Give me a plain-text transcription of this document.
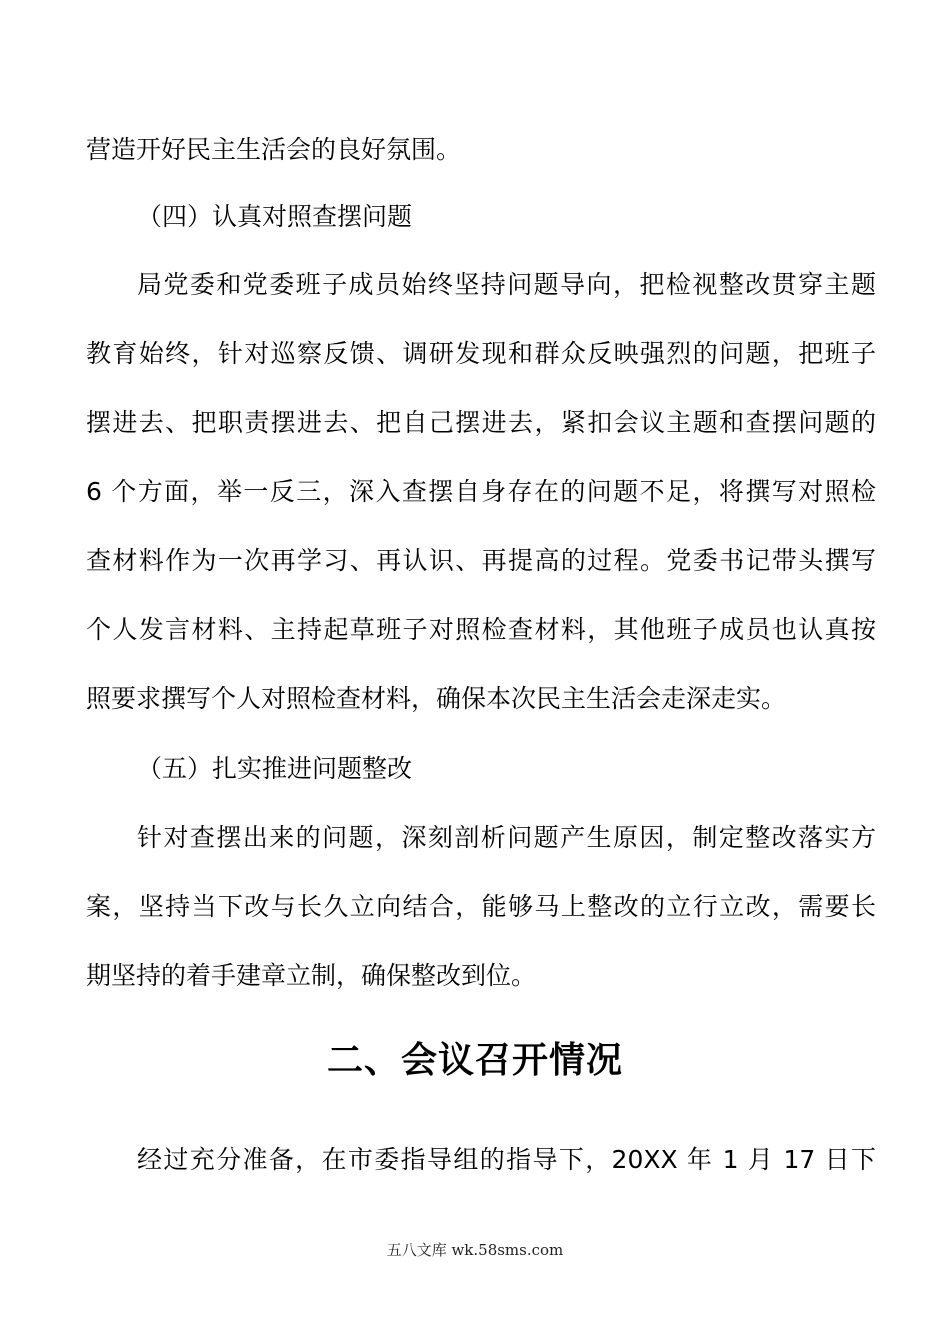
营造开好民主生活会的良好氛围。
（四）认真对照查摆问题
局党委和党委班子成员始终坚持问题导向，把检视整改贯穿主题
教育始终，针对巡察反馈、调研发现和群众反映强烈的问题，把班子
摆进去、把职责摆进去、把自己摆进去，紧扣会议主题和查摆问题的
6 个方面，举一反三，深入查摆自身存在的问题不足，将撰写对照检
查材料作为一次再学习、再认识、再提高的过程。党委书记带头撰写
个人发言材料、主持起草班子对照检查材料，其他班子成员也认真按
照要求撰写个人对照检查材料，确保本次民主生活会走深走实。
（五）扎实推进问题整改
针对查摆出来的问题，深刻剖析问题产生原因，制定整改落实方
案，坚持当下改与长久立向结合，能够马上整改的立行立改，需要长
期坚持的着手建章立制，确保整改到位。
二、会议召开情况
经过充分准备，在市委指导组的指导下，20XX 年 1 月 17 日下
五八文库 wk.58sms.com
